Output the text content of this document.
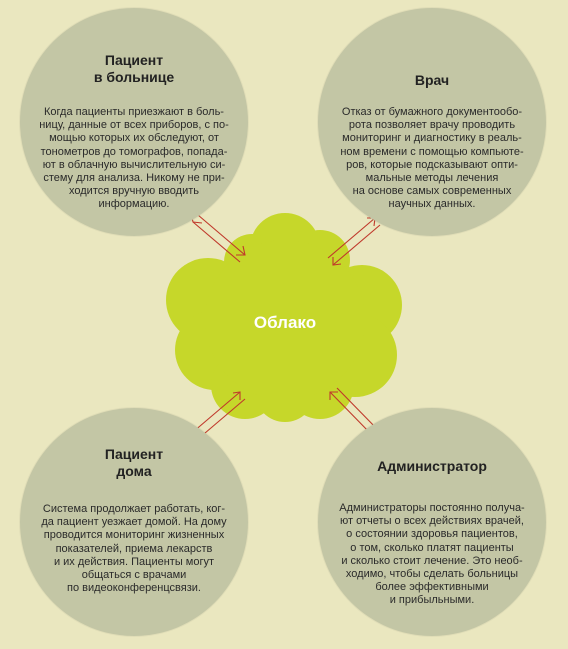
Пациент
в больнице
Когда пациенты приезжают в боль-
ницу, данные от всех приборов, с по-
мощью которых их обследуют, от
тонометров до томографов, попада-
ют в облачную вычислительную си-
стему для анализа. Никому не при-
ходится вручную вводить
информацию.
Врач
Отказ от бумажного документообо-
рота позволяет врачу проводить
мониторинг и диагностику в реаль-
ном времени с помощью компьюте-
ров, которые подсказывают опти-
мальные методы лечения
на основе самых современных
научных данных.
Пациент
дома
Система продолжает работать, ког-
да пациент уезжает домой. На дому
проводится мониторинг жизненных
показателей, приема лекарств
и их действия. Пациенты могут
общаться с врачами
по видеоконференцсвязи.
Администратор
Администраторы постоянно получа-
ют отчеты о всех действиях врачей,
о состоянии здоровья пациентов,
о том, сколько платят пациенты
и сколько стоит лечение. Это необ-
ходимо, чтобы сделать больницы
более эффективными
и прибыльными.
Облако
